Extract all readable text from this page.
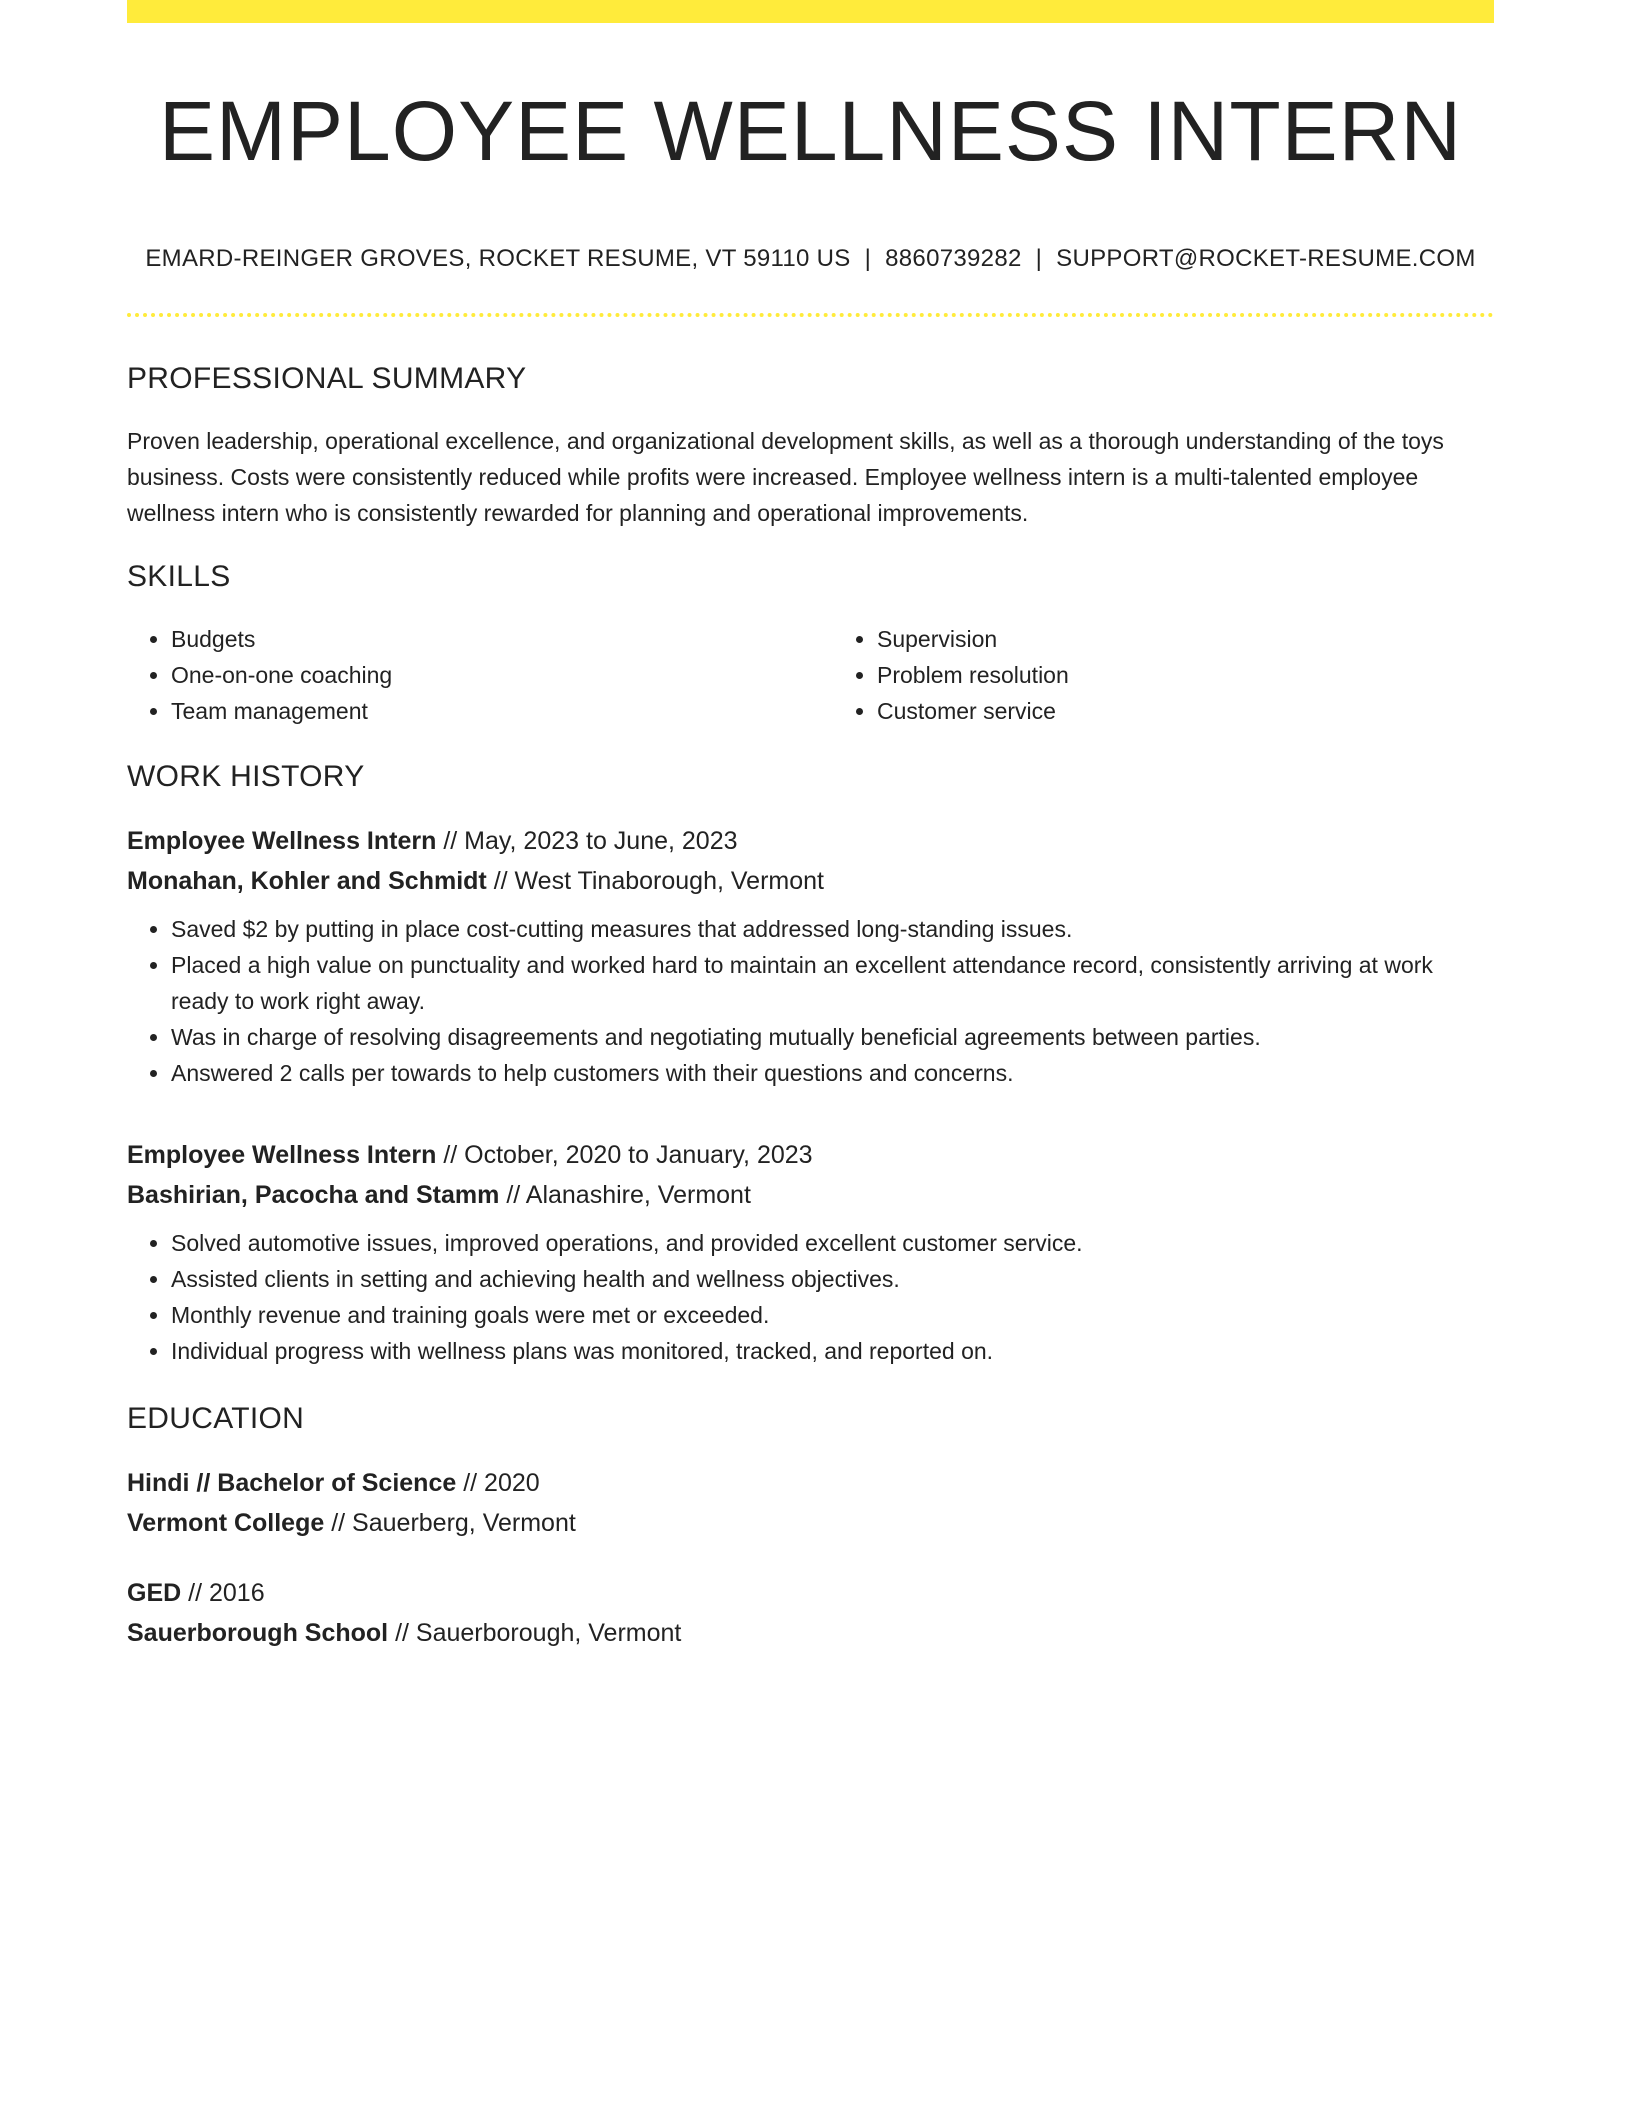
EMPLOYEE WELLNESS INTERN
EMARD-REINGER GROVES, ROCKET RESUME, VT 59110 US | 8860739282 | SUPPORT@ROCKET-RESUME.COM
PROFESSIONAL SUMMARY
Proven leadership, operational excellence, and organizational development skills, as well as a thorough understanding of the toys business. Costs were consistently reduced while profits were increased. Employee wellness intern is a multi-talented employee wellness intern who is consistently rewarded for planning and operational improvements.
SKILLS
• Budgets
• One-on-one coaching
• Team management
• Supervision
• Problem resolution
• Customer service
WORK HISTORY
Employee Wellness Intern // May, 2023 to June, 2023
Monahan, Kohler and Schmidt // West Tinaborough, Vermont
• Saved $2 by putting in place cost-cutting measures that addressed long-standing issues.
• Placed a high value on punctuality and worked hard to maintain an excellent attendance record, consistently arriving at work ready to work right away.
• Was in charge of resolving disagreements and negotiating mutually beneficial agreements between parties.
• Answered 2 calls per towards to help customers with their questions and concerns.
Employee Wellness Intern // October, 2020 to January, 2023
Bashirian, Pacocha and Stamm // Alanashire, Vermont
• Solved automotive issues, improved operations, and provided excellent customer service.
• Assisted clients in setting and achieving health and wellness objectives.
• Monthly revenue and training goals were met or exceeded.
• Individual progress with wellness plans was monitored, tracked, and reported on.
EDUCATION
Hindi // Bachelor of Science // 2020
Vermont College // Sauerberg, Vermont
GED // 2016
Sauerborough School // Sauerborough, Vermont
